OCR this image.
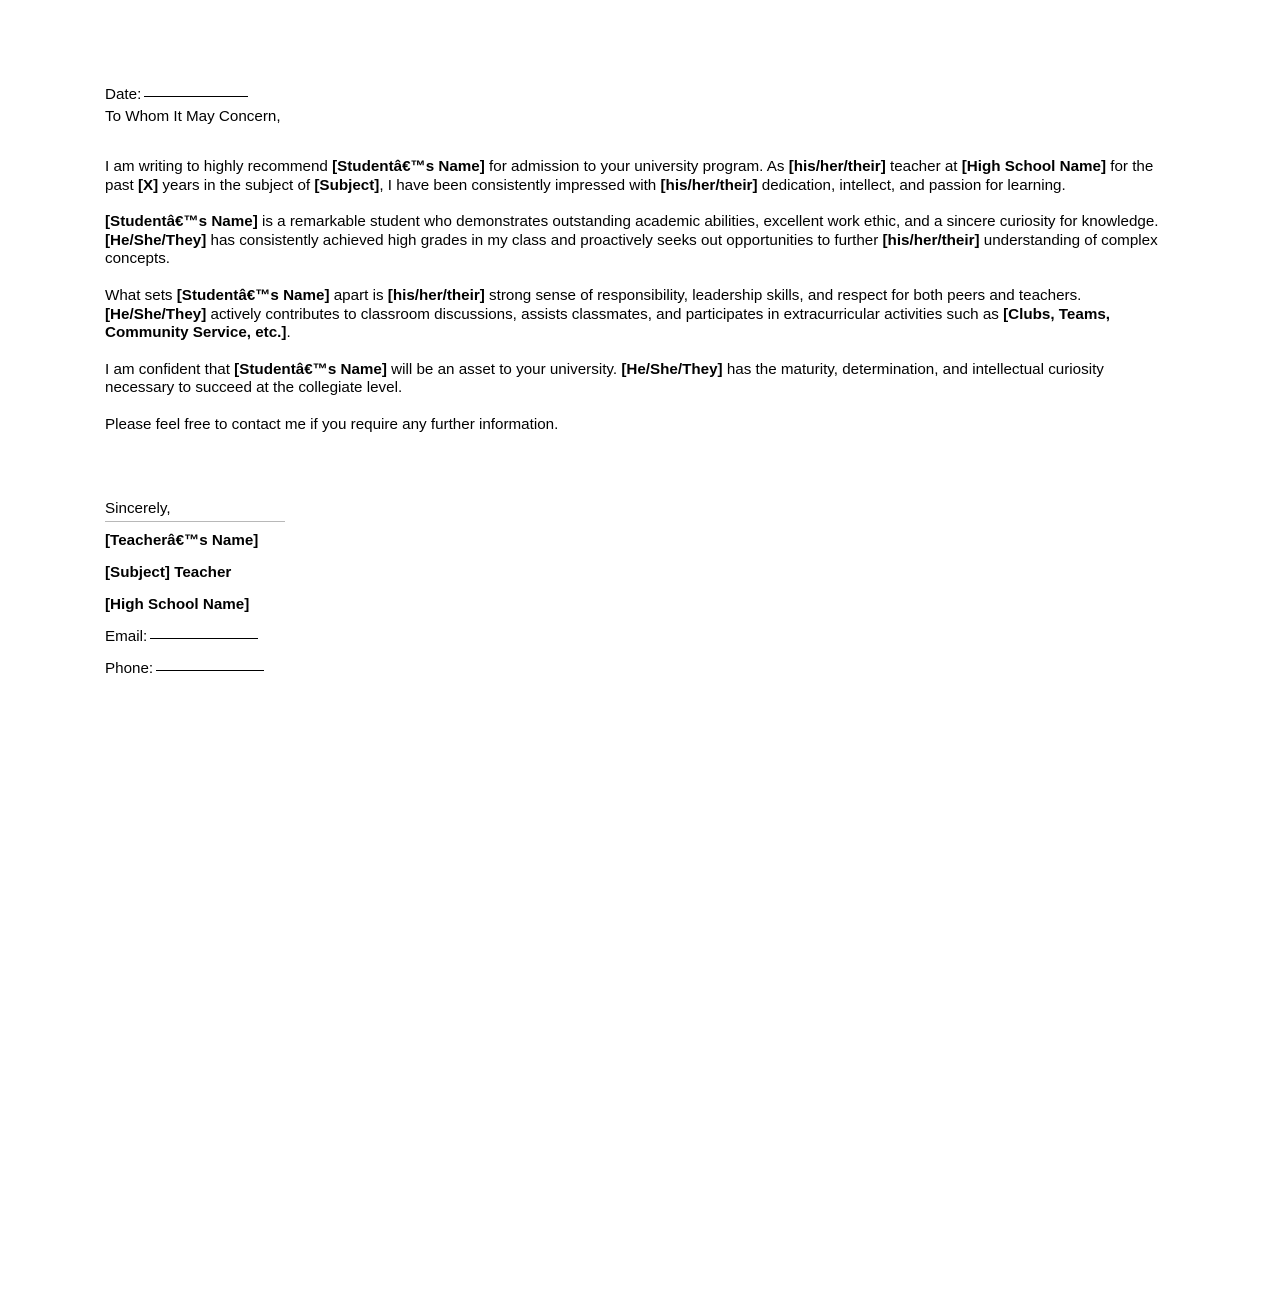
Date:
To Whom It May Concern,

I am writing to highly recommend [Studentâ€™s Name] for admission to your university program. As [his/her/their] teacher at [High School Name] for the past [X] years in the subject of [Subject], I have been consistently impressed with [his/her/their] dedication, intellect, and passion for learning.

[Studentâ€™s Name] is a remarkable student who demonstrates outstanding academic abilities, excellent work ethic, and a sincere curiosity for knowledge. [He/She/They] has consistently achieved high grades in my class and proactively seeks out opportunities to further [his/her/their] understanding of complex concepts.

What sets [Studentâ€™s Name] apart is [his/her/their] strong sense of responsibility, leadership skills, and respect for both peers and teachers. [He/She/They] actively contributes to classroom discussions, assists classmates, and participates in extracurricular activities such as [Clubs, Teams, Community Service, etc.].

I am confident that [Studentâ€™s Name] will be an asset to your university. [He/She/They] has the maturity, determination, and intellectual curiosity necessary to succeed at the collegiate level.

Please feel free to contact me if you require any further information.

Sincerely,
[Teacherâ€™s Name]
[Subject] Teacher
[High School Name]
Email:
Phone:
